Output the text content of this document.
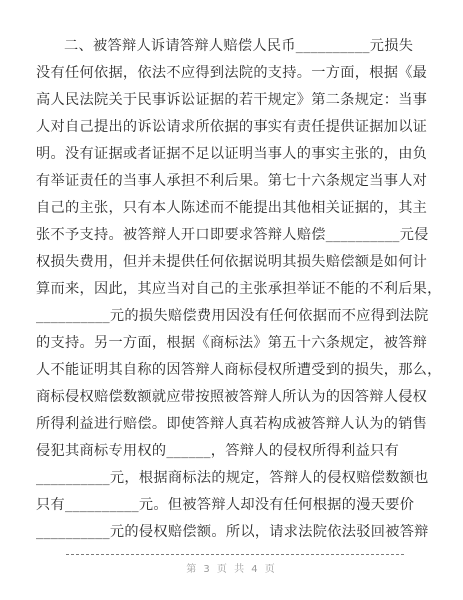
二、被答辩人诉请答辩人赔偿人民币__________元损失
没有任何依据，依法不应得到法院的支持。一方面，根据《最
高人民法院关于民事诉讼证据的若干规定》第二条规定：当事
人对自己提出的诉讼请求所依据的事实有责任提供证据加以证
明。没有证据或者证据不足以证明当事人的事实主张的，由负
有举证责任的当事人承担不利后果。第七十六条规定当事人对
自己的主张，只有本人陈述而不能提出其他相关证据的，其主
张不予支持。被答辩人开口即要求答辩人赔偿__________元侵
权损失费用，但并未提供任何依据说明其损失赔偿额是如何计
算而来，因此，其应当对自己的主张承担举证不能的不利后果，
__________元的损失赔偿费用因没有任何依据而不应得到法院
的支持。另一方面，根据《商标法》第五十六条规定，被答辩
人不能证明其自称的因答辩人商标侵权所遭受到的损失，那么，
商标侵权赔偿数额就应带按照被答辩人所认为的因答辩人侵权
所得利益进行赔偿。即使答辩人真若构成被答辩人认为的销售
侵犯其商标专用权的______，答辩人的侵权所得利益只有
__________元，根据商标法的规定，答辩人的侵权赔偿数额也
只有__________元。但被答辩人却没有任何根据的漫天要价
__________元的侵权赔偿额。所以，请求法院依法驳回被答辩
第 3 页 共 4 页
